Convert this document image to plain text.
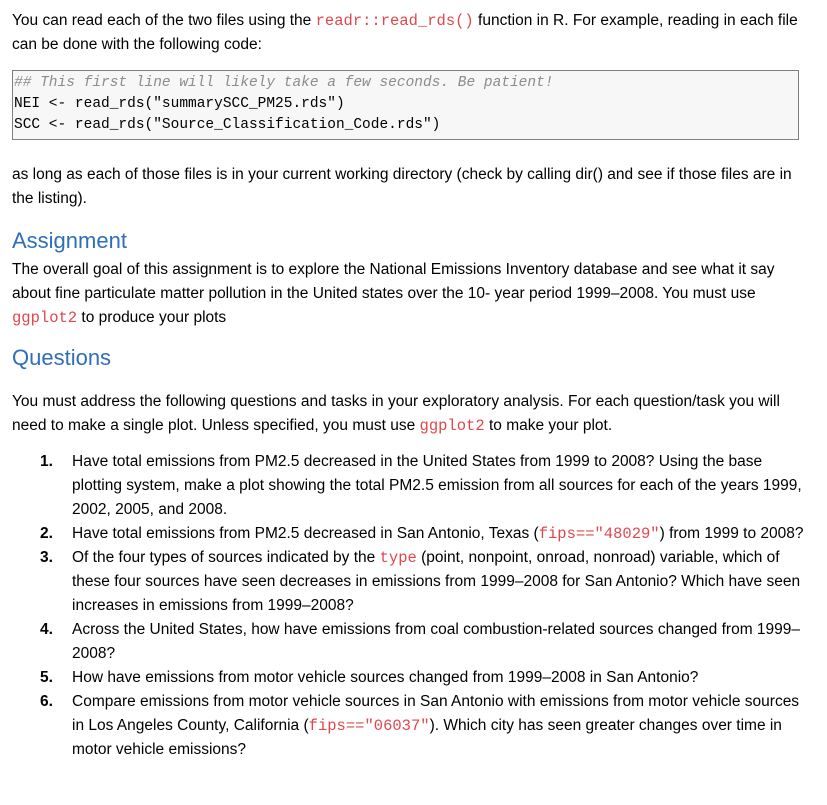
You can read each of the two files using the readr::read_rds() function in R. For example, reading in each file can be done with the following code:

## This first line will likely take a few seconds. Be patient!
NEI <- read_rds("summarySCC_PM25.rds")
SCC <- read_rds("Source_Classification_Code.rds")

as long as each of those files is in your current working directory (check by calling dir() and see if those files are in the listing).

Assignment

The overall goal of this assignment is to explore the National Emissions Inventory database and see what it say about fine particulate matter pollution in the United states over the 10- year period 1999–2008. You must use ggplot2 to produce your plots

Questions

You must address the following questions and tasks in your exploratory analysis. For each question/task you will need to make a single plot. Unless specified, you must use ggplot2 to make your plot.

1. Have total emissions from PM2.5 decreased in the United States from 1999 to 2008? Using the base plotting system, make a plot showing the total PM2.5 emission from all sources for each of the years 1999, 2002, 2005, and 2008.
2. Have total emissions from PM2.5 decreased in San Antonio, Texas (fips=="48029") from 1999 to 2008?
3. Of the four types of sources indicated by the type (point, nonpoint, onroad, nonroad) variable, which of these four sources have seen decreases in emissions from 1999–2008 for San Antonio? Which have seen increases in emissions from 1999–2008?
4. Across the United States, how have emissions from coal combustion-related sources changed from 1999–2008?
5. How have emissions from motor vehicle sources changed from 1999–2008 in San Antonio?
6. Compare emissions from motor vehicle sources in San Antonio with emissions from motor vehicle sources in Los Angeles County, California (fips=="06037"). Which city has seen greater changes over time in motor vehicle emissions?
